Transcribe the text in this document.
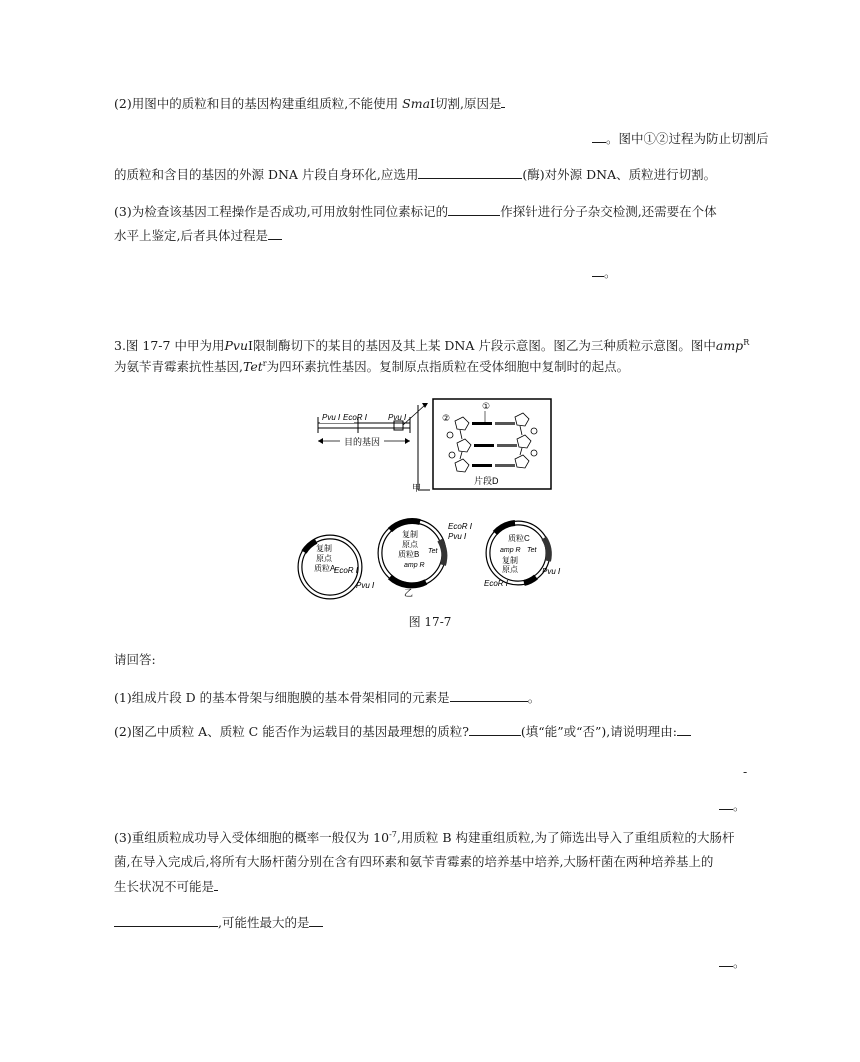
(2)用图中的质粒和目的基因构建重组质粒,不能使用 SmaⅠ切割,原因是
。图中①②过程为防止切割后
的质粒和含目的基因的外源 DNA 片段自身环化,应选用	(酶)对外源 DNA、质粒进行切割。
(3)为检查该基因工程操作是否成功,可用放射性同位素标记的	作探针进行分子杂交检测,还需要在个体
水平上鉴定,后者具体过程是
。
3.图 17-7 中甲为用PvuⅠ限制酶切下的某目的基因及其上某 DNA 片段示意图。图乙为三种质粒示意图。图中amp$^R$
为氨苄青霉素抗性基因,Tet$^r$为四环素抗性基因。复制原点指质粒在受体细胞中复制时的起点。
目的基因
Pvu Ⅰ EcoR Ⅰ	Pvu Ⅰ
甲
②
①
片段D
复制
原点
质粒A
EcoR Ⅰ
Pvu Ⅰ
复制
原点
质粒B Tet
EcoR Ⅰ
Pvu Ⅰ
amp R
乙
质粒C
复制
原点
amp R Tet
EcoR Ⅰ
Pvu Ⅰ
图 17-7
请回答:
(1)组成片段 D 的基本骨架与细胞膜的基本骨架相同的元素是	。
(2)图乙中质粒 A、质粒 C 能否作为运载目的基因最理想的质粒?	(填“能”或“否”),请说明理由:
-
。
(3)重组质粒成功导入受体细胞的概率一般仅为 $10^{-7}$,用质粒 B 构建重组质粒,为了筛选出导入了重组质粒的大肠杆
菌,在导入完成后,将所有大肠杆菌分别在含有四环素和氨苄青霉素的培养基中培养,大肠杆菌在两种培养基上的
生长状况不可能是
,可能性最大的是
。
